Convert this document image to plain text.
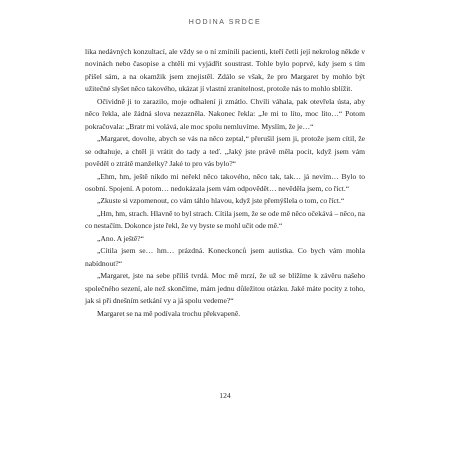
HODINA SRDCE

lika nedávných konzultací, ale vždy se o ní zmínili pacienti, kteří četli její nekrolog někde v novinách nebo časopise a chtěli mi vyjádřit soustrast. Tohle bylo poprvé, kdy jsem s tím přišel sám, a na okamžik jsem znejistěl. Zdálo se však, že pro Margaret by mohlo být užitečné slyšet něco takového, ukázat jí vlastní zranitelnost, protože nás to mohlo sblížit.

Očividně ji to zarazilo, moje odhalení ji zmátlo. Chvíli váhala, pak otevřela ústa, aby něco řekla, ale žádná slova nezazněla. Nakonec řekla: „Je mi to líto, moc líto…“ Potom pokračovala: „Bratr mi volává, ale moc spolu nemluvíme. Myslím, že je…“

„Margaret, dovolte, abych se vás na něco zeptal,“ přerušil jsem ji, protože jsem cítil, že se odtahuje, a chtěl ji vrátit do tady a teď. „Jaký jste právě měla pocit, když jsem vám pověděl o ztrátě manželky? Jaké to pro vás bylo?“

„Ehm, hm, ještě nikdo mi neřekl něco takového, něco tak, tak… já nevím… Bylo to osobní. Spojení. A potom… nedokázala jsem vám odpovědět… nevěděla jsem, co říct.“

„Zkuste si vzpomenout, co vám táhlo hlavou, když jste přemýšlela o tom, co říct.“

„Hm, hm, strach. Hlavně to byl strach. Cítila jsem, že se ode mě něco očekává – něco, na co nestačím. Dokonce jste řekl, že vy byste se mohl učit ode mě.“

„Ano. A ještě?“

„Cítila jsem se… hm… prázdná. Koneckonců jsem autistka. Co bych vám mohla nabídnout?“

„Margaret, jste na sebe příliš tvrdá. Moc mě mrzí, že už se blížíme k závěru našeho společného sezení, ale než skončíme, mám jednu důležitou otázku. Jaké máte pocity z toho, jak si při dnešním setkání vy a já spolu vedeme?“

Margaret se na mě podívala trochu překvapeně.

124
